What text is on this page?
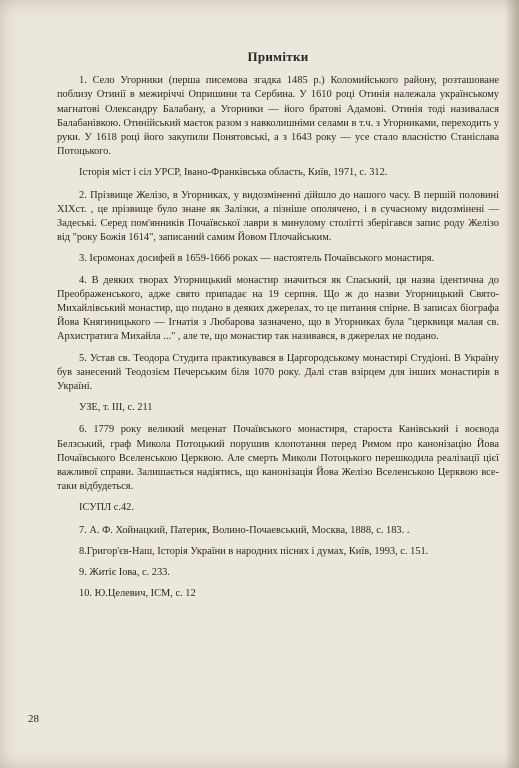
Примітки

1. Село Угорники (перша писемова згадка 1485 р.) Коломийського району, розташоване поблизу Отинії в межиріччі Опришини та Сербина. У 1610 році Отинія належала українському магнатові Олександру Балабану, а Угорники — його братові Адамові. Отинія тоді називалася Балабанівкою. Отинійський маєток разом з навколишніми селами в т.ч. з Угорниками, переходить у руки. У 1618 році його закупили Понятовські, а з 1643 року — усе стало власністю Станіслава Потоцького.

Історія міст і сіл УРСР, Івано-Франківська область, Київ, 1971, с. 312.

2. Прізвище Желізо, в Угорниках, у видозміненні дійшло до нашого часу. В першій половині XIXст. , це прізвище було знане як Залізки, а пізніше ополячено, і в сучасному видозмінені — Задеські. Серед пом'янників Почаївської лаври в минулому столітті зберігався запис роду Желізо від "року Божія 1614", записаний самим Йовом Плочайським.

3. Ієромонах досифей в 1659-1666 роках — настоятель Почаївського монастиря.

4. В деяких творах Угорницький монастир значиться як Спаський, ця назва ідентична до Преображенського, адже свято припадає на 19 серпня. Що ж до назви Угорницький Свято-Михайлівський монастир, що подано в деяких джерелах, то це питання спірне. В записах біографа Йова Княгиницького — Ігнатія з Любарова зазначено, що в Угорниках була "церквиця малая св. Архистратига Михайла ..." , але те, що монастир так називався, в джерелах не подано.

5. Устав св. Теодора Студита практикувався в Царгородському монастирі Студіоні. В Україну був занесений Теодозієм Печерським біля 1070 року. Далі став взірцем для інших монастирів в Україні.

УЗЕ, т. III, с. 211

6. 1779 року великий меценат Почаївського монастиря, староста Канівський і воєвода Белзський, граф Микола Потоцький порушив клопотання перед Римом про канонізацію Йова Почаївського Вселенською Церквою. Але смерть Миколи Потоцького перешкодила реалізації цієї важливої справи. Залишається надіятись, що канонізація Йова Желізо Вселенською Церквою все-таки відбудеться.

ІСУПЛ с.42.

7. А. Ф. Хойнацкий, Патерик, Волино-Почаевський, Москва, 1888, с. 183. .

8.Григор'єв-Наш, Історія України в народних піснях і думах, Київ, 1993, с. 151.

9. Житіє Іова, с. 233.

10. Ю.Целевич, ІСМ, с. 12

28
